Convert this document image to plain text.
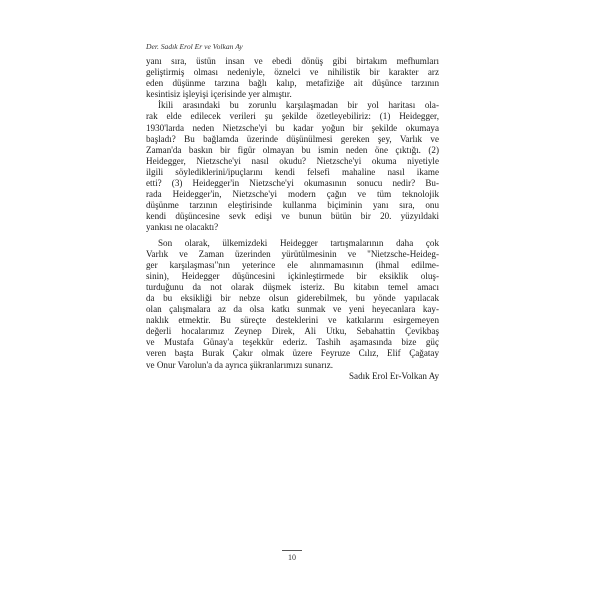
Der. Sadık Erol Er ve Volkan Ay
yanı sıra, üstün insan ve ebedi dönüş gibi birtakım mefhumları
geliştirmiş olması nedeniyle, öznelci ve nihilistik bir karakter arz
eden düşünme tarzına bağlı kalıp, metafiziğe ait düşünce tarzının
kesintisiz işleyişi içerisinde yer almıştır.
İkili arasındaki bu zorunlu karşılaşmadan bir yol haritası ola-
rak elde edilecek verileri şu şekilde özetleyebiliriz: (1) Heidegger,
1930'larda neden Nietzsche'yi bu kadar yoğun bir şekilde okumaya
başladı? Bu bağlamda üzerinde düşünülmesi gereken şey, Varlık ve
Zaman'da baskın bir figür olmayan bu ismin neden öne çıktığı. (2)
Heidegger, Nietzsche'yi nasıl okudu? Nietzsche'yi okuma niyetiyle
ilgili söylediklerini/ipuçlarını kendi felsefi mahaline nasıl ikame
etti? (3) Heidegger'in Nietzsche'yi okumasının sonucu nedir? Bu-
rada Heidegger'in, Nietzsche'yi modern çağın ve tüm teknolojik
düşünme tarzının eleştirisinde kullanma biçiminin yanı sıra, onu
kendi düşüncesine sevk edişi ve bunun bütün bir 20. yüzyıldaki
yankısı ne olacaktı?
Son olarak, ülkemizdeki Heidegger tartışmalarının daha çok
Varlık ve Zaman üzerinden yürütülmesinin ve "Nietzsche-Heideg-
ger karşılaşması"nın yeterince ele alınmamasının (ihmal edilme-
sinin), Heidegger düşüncesini içkinleştirmede bir eksiklik oluş-
turduğunu da not olarak düşmek isteriz. Bu kitabın temel amacı
da bu eksikliği bir nebze olsun giderebilmek, bu yönde yapılacak
olan çalışmalara az da olsa katkı sunmak ve yeni heyecanlara kay-
naklık etmektir. Bu süreçte desteklerini ve katkılarını esirgemeyen
değerli hocalarımız Zeynep Direk, Ali Utku, Sebahattin Çevikbaş
ve Mustafa Günay'a teşekkür ederiz. Tashih aşamasında bize güç
veren başta Burak Çakır olmak üzere Feyruze Cılız, Elif Çağatay
ve Onur Varolun'a da ayrıca şükranlarımızı sunarız.
Sadık Erol Er-Volkan Ay
10
